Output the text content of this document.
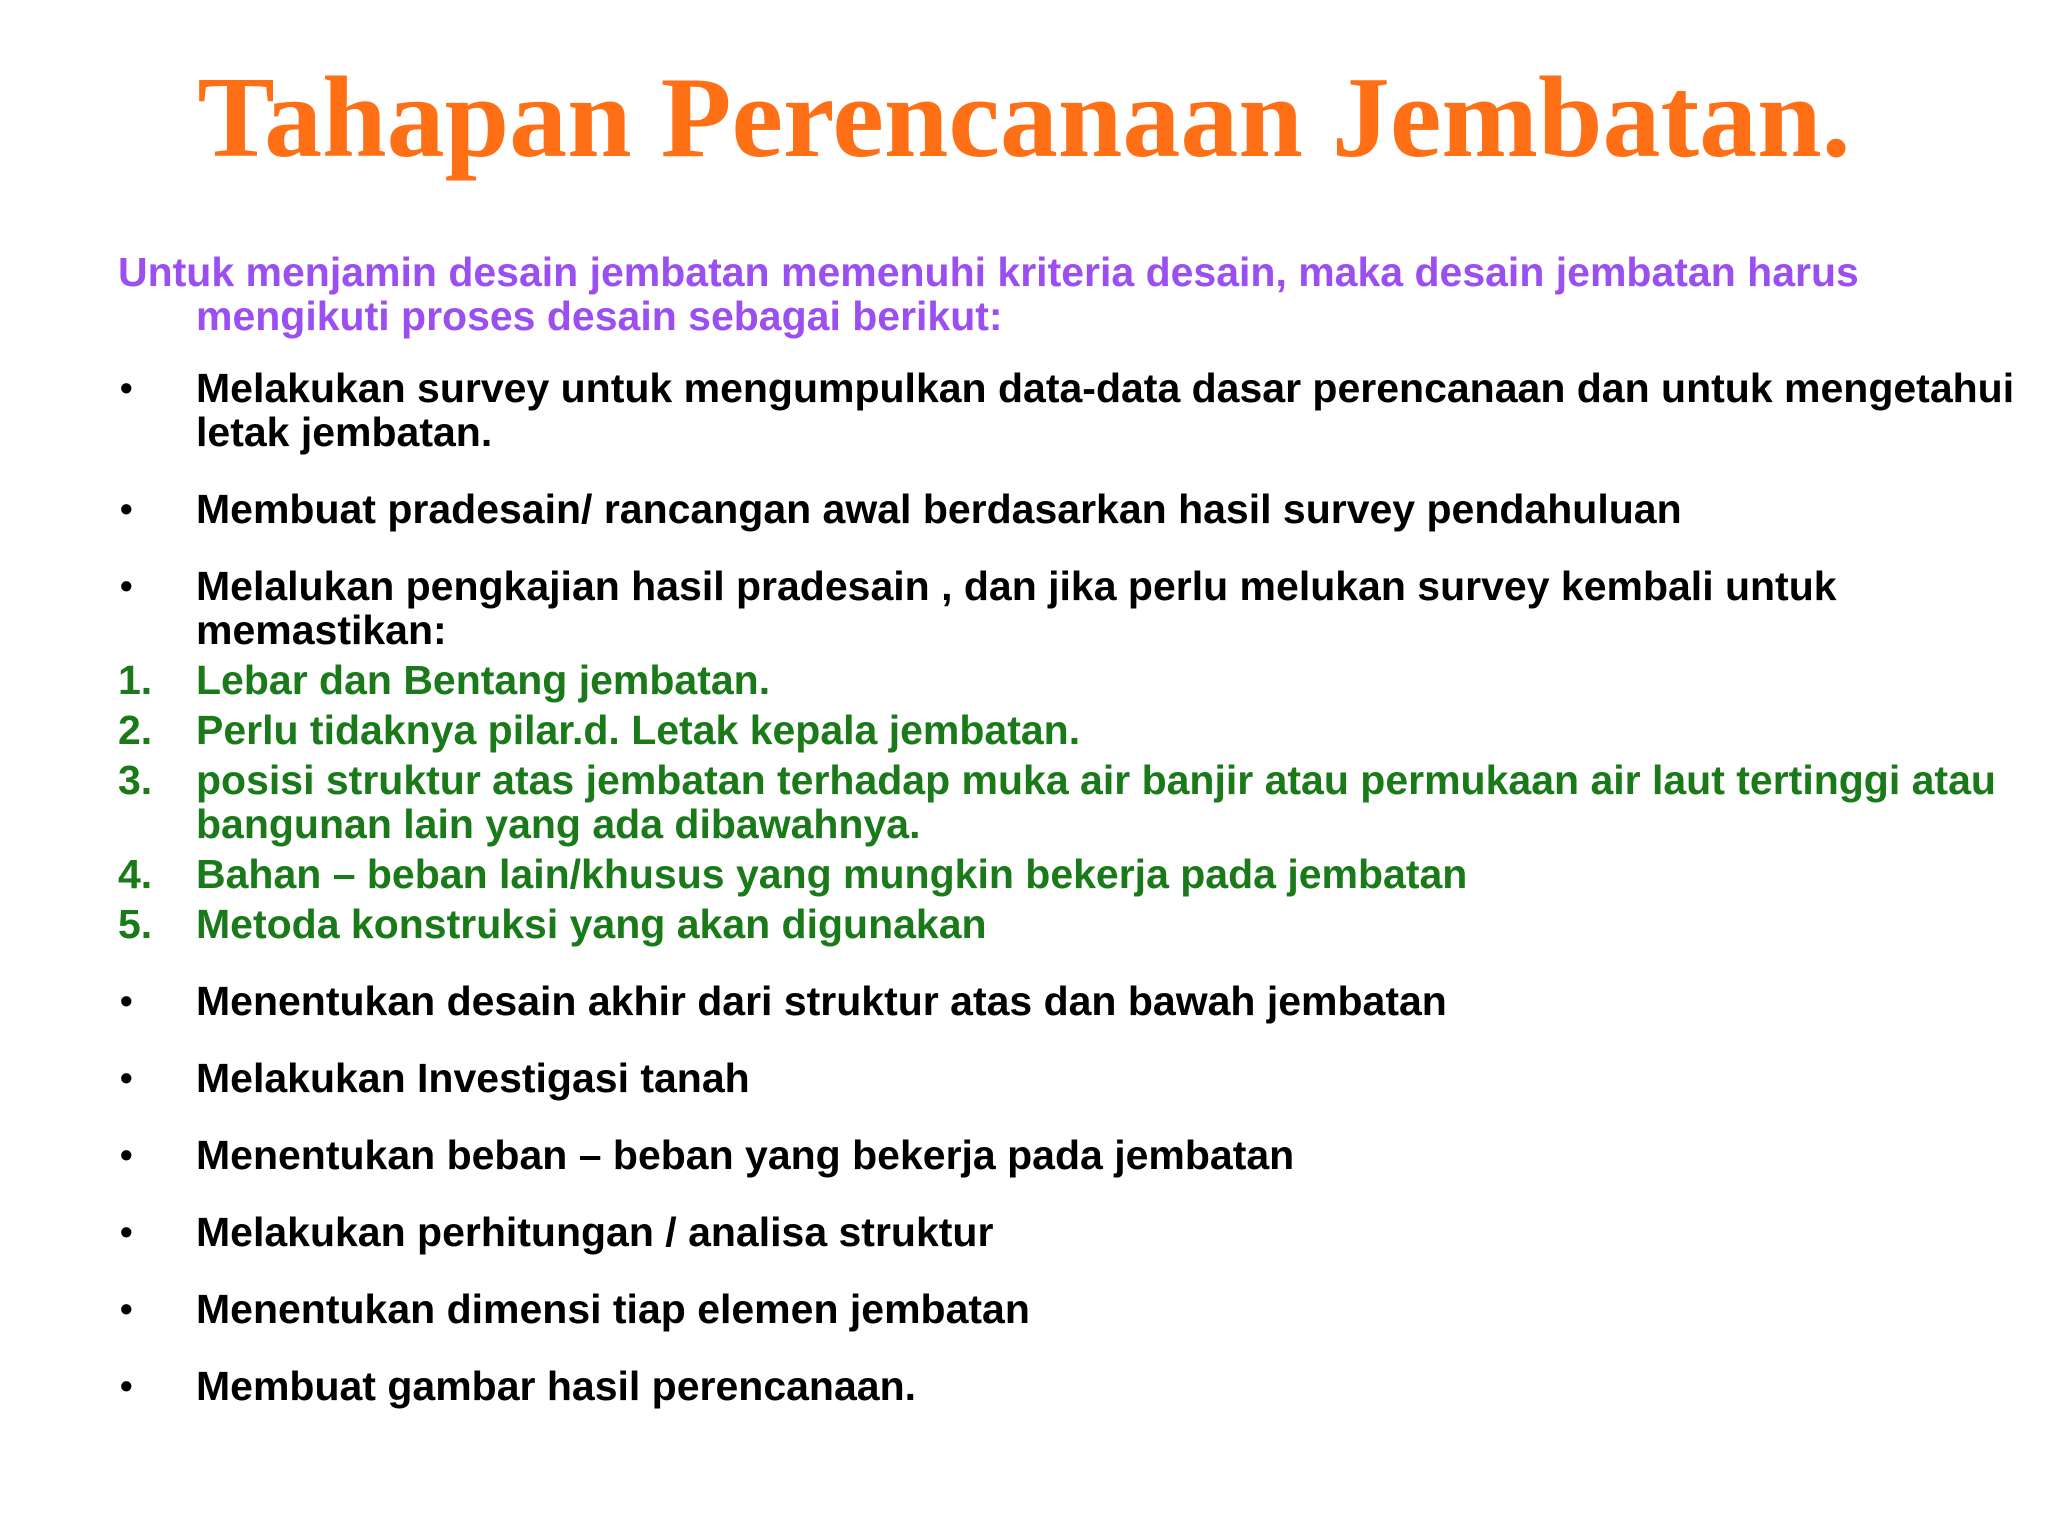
Tahapan Perencanaan Jembatan.

Untuk menjamin desain jembatan memenuhi kriteria desain, maka desain jembatan harus mengikuti proses desain sebagai berikut:

•	Melakukan survey untuk mengumpulkan data-data dasar perencanaan dan untuk mengetahui letak jembatan.
•	Membuat pradesain/ rancangan awal berdasarkan hasil survey pendahuluan
•	Melalukan pengkajian hasil pradesain , dan jika perlu melukan survey kembali untuk memastikan:
1.	Lebar dan Bentang jembatan.
2.	Perlu tidaknya pilar.d. Letak kepala jembatan.
3.	posisi struktur atas jembatan terhadap muka air banjir atau permukaan air laut tertinggi atau bangunan lain yang ada dibawahnya.
4.	Bahan – beban lain/khusus yang mungkin bekerja pada jembatan
5.	Metoda konstruksi yang akan digunakan
•	Menentukan desain akhir dari struktur atas dan bawah jembatan
•	Melakukan Investigasi tanah
•	Menentukan beban – beban yang bekerja pada jembatan
•	Melakukan perhitungan / analisa struktur
•	Menentukan dimensi tiap elemen jembatan
•	Membuat gambar hasil perencanaan.
